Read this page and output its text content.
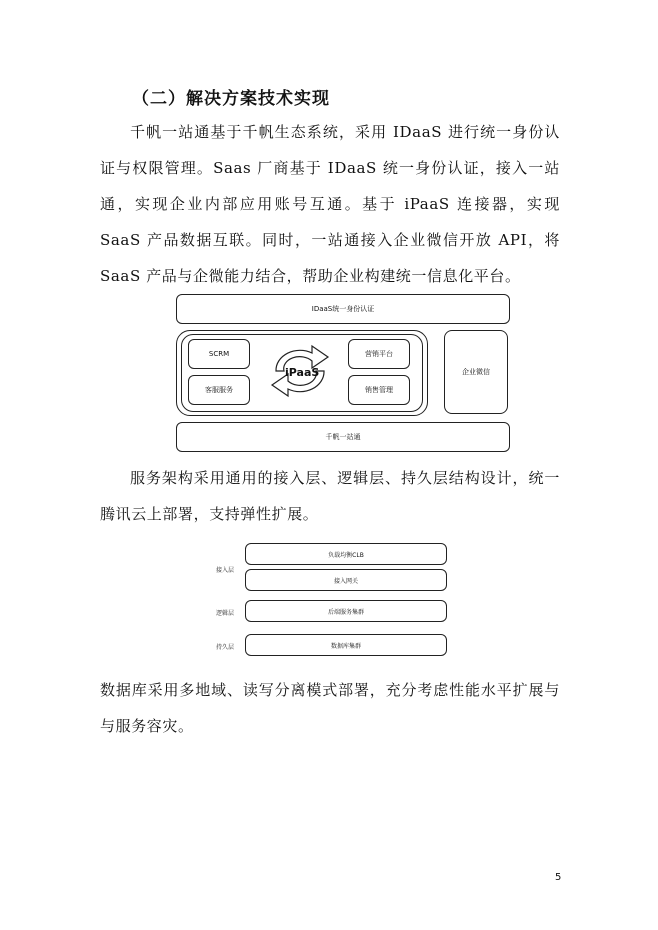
（二）解决方案技术实现
千帆一站通基于千帆生态系统，采用 IDaaS 进行统一身份认证与权限管理。Saas 厂商基于 IDaaS 统一身份认证，接入一站通，实现企业内部应用账号互通。基于 iPaaS 连接器，实现 SaaS 产品数据互联。同时，一站通接入企业微信开放 API，将 SaaS 产品与企微能力结合，帮助企业构建统一信息化平台。
IDaaS统一身份认证
SCRM
客服服务
iPaaS
营销平台
销售管理
企业微信
千帆一站通
服务架构采用通用的接入层、逻辑层、持久层结构设计，统一腾讯云上部署，支持弹性扩展。
接入层
逻辑层
持久层
负载均衡CLB
接入网关
后端服务集群
数据库集群
数据库采用多地域、读写分离模式部署，充分考虑性能水平扩展与与服务容灾。
5
